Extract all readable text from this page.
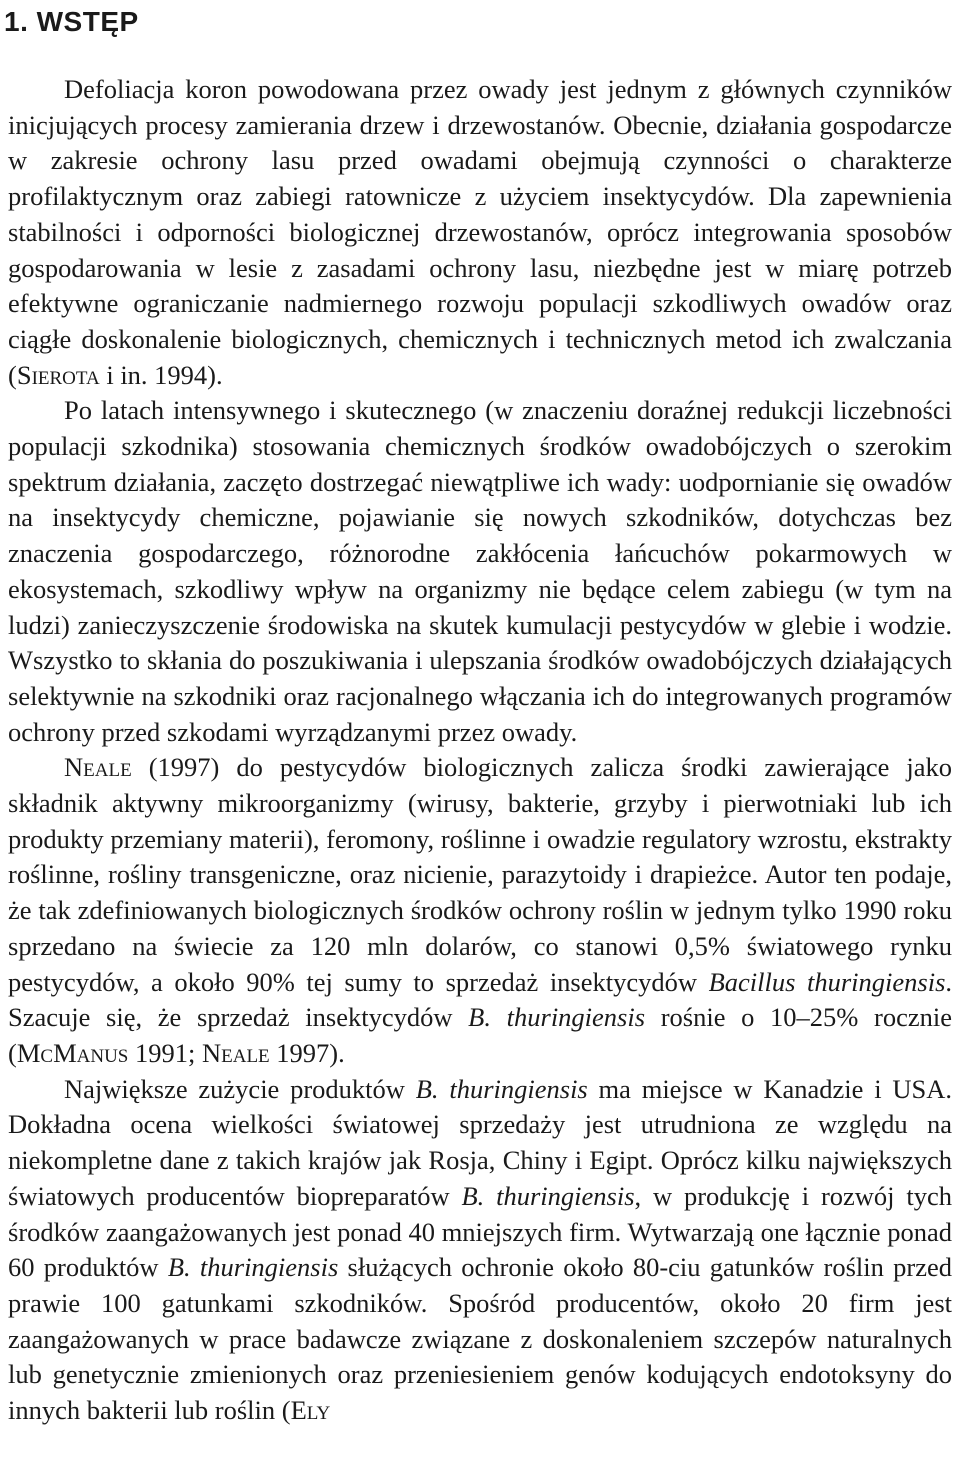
1. WSTĘP

Defoliacja koron powodowana przez owady jest jednym z głównych czynników inicjujących procesy zamierania drzew i drzewostanów. Obecnie, działania gospodarcze w zakresie ochrony lasu przed owadami obejmują czynności o charakterze profilaktycznym oraz zabiegi ratownicze z użyciem insektycydów. Dla zapewnienia stabilności i odporności biologicznej drzewostanów, oprócz integrowania sposobów gospodarowania w lesie z zasadami ochrony lasu, niezbędne jest w miarę potrzeb efektywne ograniczanie nadmiernego rozwoju populacji szkodliwych owadów oraz ciągłe doskonalenie biologicznych, chemicznych i technicznych metod ich zwalczania (Sierota i in. 1994).

Po latach intensywnego i skutecznego (w znaczeniu doraźnej redukcji liczebności populacji szkodnika) stosowania chemicznych środków owadobójczych o szerokim spektrum działania, zaczęto dostrzegać niewątpliwe ich wady: uodpornianie się owadów na insektycydy chemiczne, pojawianie się nowych szkodników, dotychczas bez znaczenia gospodarczego, różnorodne zakłócenia łańcuchów pokarmowych w ekosystemach, szkodliwy wpływ na organizmy nie będące celem zabiegu (w tym na ludzi) zanieczyszczenie środowiska na skutek kumulacji pestycydów w glebie i wodzie. Wszystko to skłania do poszukiwania i ulepszania środków owadobójczych działających selektywnie na szkodniki oraz racjonalnego włączania ich do integrowanych programów ochrony przed szkodami wyrządzanymi przez owady.

Neale (1997) do pestycydów biologicznych zalicza środki zawierające jako składnik aktywny mikroorganizmy (wirusy, bakterie, grzyby i pierwotniaki lub ich produkty przemiany materii), feromony, roślinne i owadzie regulatory wzrostu, ekstrakty roślinne, rośliny transgeniczne, oraz nicienie, parazytoidy i drapieżce. Autor ten podaje, że tak zdefiniowanych biologicznych środków ochrony roślin w jednym tylko 1990 roku sprzedano na świecie za 120 mln dolarów, co stanowi 0,5% światowego rynku pestycydów, a około 90% tej sumy to sprzedaż insektycydów Bacillus thuringiensis. Szacuje się, że sprzedaż insektycydów B. thuringiensis rośnie o 10–25% rocznie (McManus 1991; Neale 1997).

Największe zużycie produktów B. thuringiensis ma miejsce w Kanadzie i USA. Dokładna ocena wielkości światowej sprzedaży jest utrudniona ze względu na niekompletne dane z takich krajów jak Rosja, Chiny i Egipt. Oprócz kilku największych światowych producentów biopreparatów B. thuringiensis, w produkcję i rozwój tych środków zaangażowanych jest ponad 40 mniejszych firm. Wytwarzają one łącznie ponad 60 produktów B. thuringiensis służących ochronie około 80-ciu gatunków roślin przed prawie 100 gatunkami szkodników. Spośród producentów, około 20 firm jest zaangażowanych w prace badawcze związane z doskonaleniem szczepów naturalnych lub genetycznie zmienionych oraz przeniesieniem genów kodujących endotoksyny do innych bakterii lub roślin (Ely
